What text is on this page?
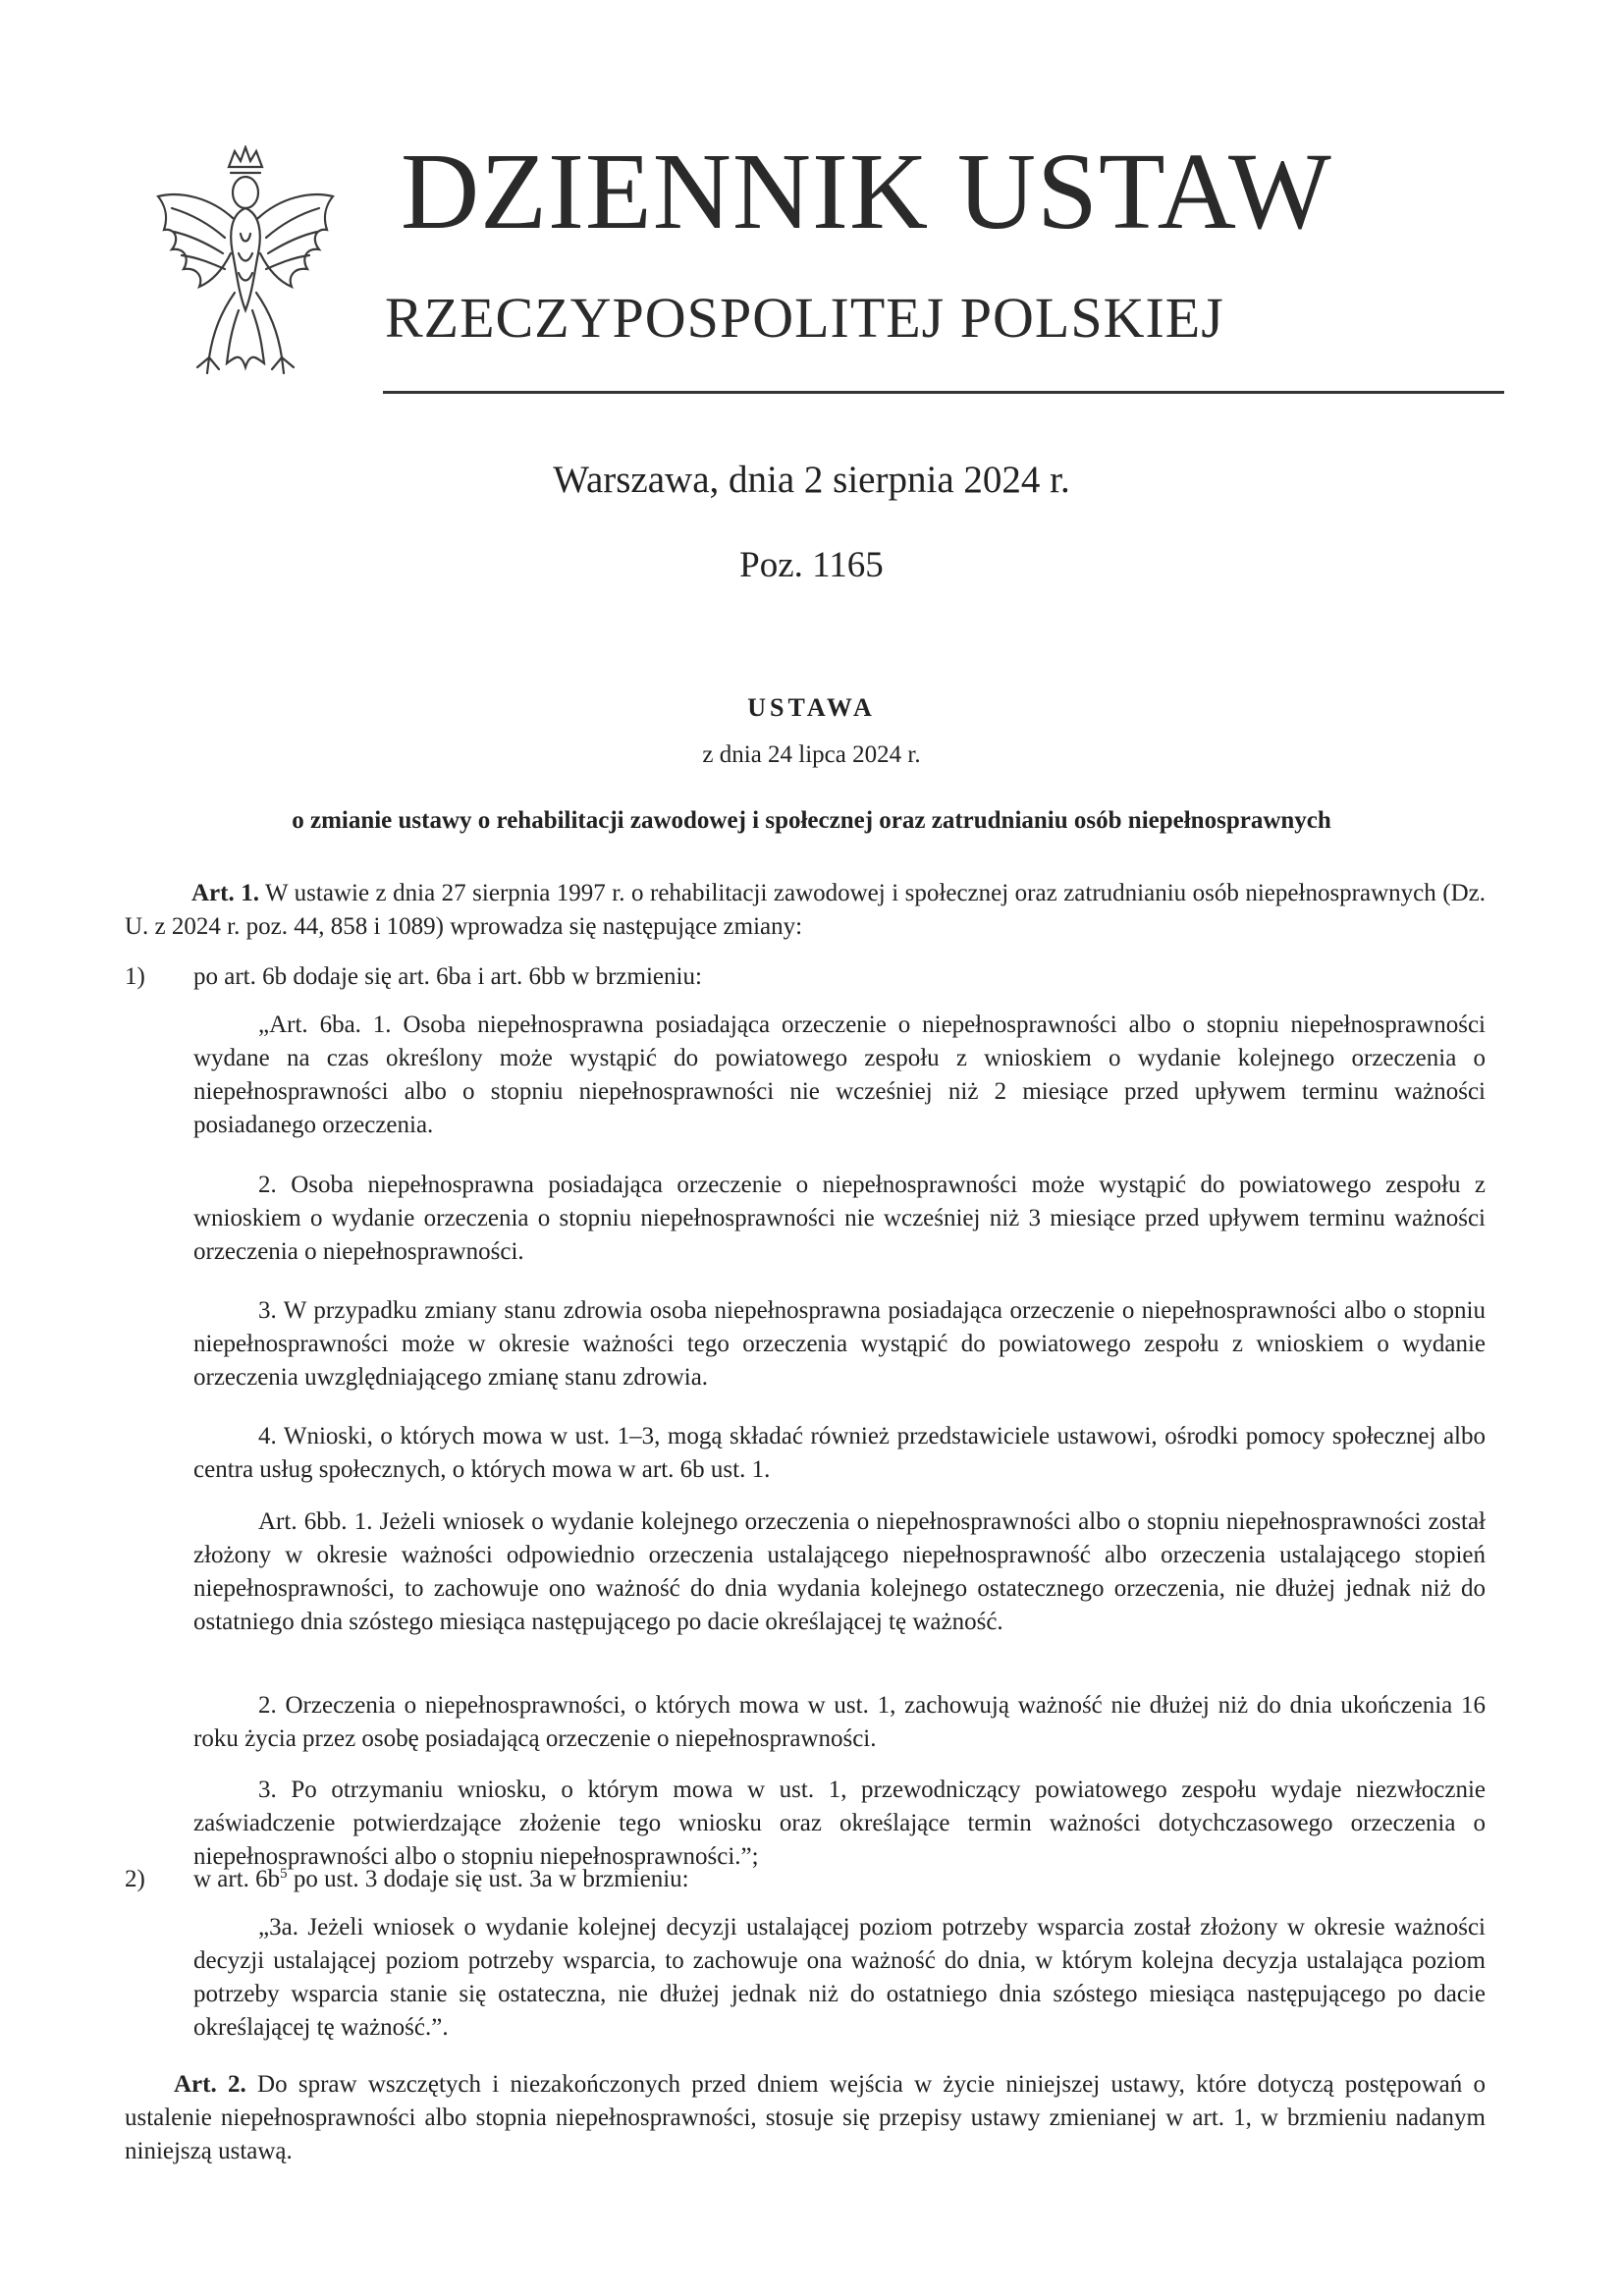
DZIENNIK USTAW
RZECZYPOSPOLITEJ POLSKIEJ
Warszawa, dnia 2 sierpnia 2024 r.
Poz. 1165
USTAWA
z dnia 24 lipca 2024 r.
o zmianie ustawy o rehabilitacji zawodowej i społecznej oraz zatrudnianiu osób niepełnosprawnych
Art. 1. W ustawie z dnia 27 sierpnia 1997 r. o rehabilitacji zawodowej i społecznej oraz zatrudnianiu osób niepełnosprawnych (Dz. U. z 2024 r. poz. 44, 858 i 1089) wprowadza się następujące zmiany:
1) po art. 6b dodaje się art. 6ba i art. 6bb w brzmieniu:
„Art. 6ba. 1. Osoba niepełnosprawna posiadająca orzeczenie o niepełnosprawności albo o stopniu niepełnosprawności wydane na czas określony może wystąpić do powiatowego zespołu z wnioskiem o wydanie kolejnego orzeczenia o niepełnosprawności albo o stopniu niepełnosprawności nie wcześniej niż 2 miesiące przed upływem terminu ważności posiadanego orzeczenia.
2. Osoba niepełnosprawna posiadająca orzeczenie o niepełnosprawności może wystąpić do powiatowego zespołu z wnioskiem o wydanie orzeczenia o stopniu niepełnosprawności nie wcześniej niż 3 miesiące przed upływem terminu ważności orzeczenia o niepełnosprawności.
3. W przypadku zmiany stanu zdrowia osoba niepełnosprawna posiadająca orzeczenie o niepełnosprawności albo o stopniu niepełnosprawności może w okresie ważności tego orzeczenia wystąpić do powiatowego zespołu z wnioskiem o wydanie orzeczenia uwzględniającego zmianę stanu zdrowia.
4. Wnioski, o których mowa w ust. 1–3, mogą składać również przedstawiciele ustawowi, ośrodki pomocy społecznej albo centra usług społecznych, o których mowa w art. 6b ust. 1.
Art. 6bb. 1. Jeżeli wniosek o wydanie kolejnego orzeczenia o niepełnosprawności albo o stopniu niepełnosprawności został złożony w okresie ważności odpowiednio orzeczenia ustalającego niepełnosprawność albo orzeczenia ustalającego stopień niepełnosprawności, to zachowuje ono ważność do dnia wydania kolejnego ostatecznego orzeczenia, nie dłużej jednak niż do ostatniego dnia szóstego miesiąca następującego po dacie określającej tę ważność.
2. Orzeczenia o niepełnosprawności, o których mowa w ust. 1, zachowują ważność nie dłużej niż do dnia ukończenia 16 roku życia przez osobę posiadającą orzeczenie o niepełnosprawności.
3. Po otrzymaniu wniosku, o którym mowa w ust. 1, przewodniczący powiatowego zespołu wydaje niezwłocznie zaświadczenie potwierdzające złożenie tego wniosku oraz określające termin ważności dotychczasowego orzeczenia o niepełnosprawności albo o stopniu niepełnosprawności.”;
2) w art. $6b^5$ po ust. 3 dodaje się ust. 3a w brzmieniu:
„3a. Jeżeli wniosek o wydanie kolejnej decyzji ustalającej poziom potrzeby wsparcia został złożony w okresie ważności decyzji ustalającej poziom potrzeby wsparcia, to zachowuje ona ważność do dnia, w którym kolejna decyzja ustalająca poziom potrzeby wsparcia stanie się ostateczna, nie dłużej jednak niż do ostatniego dnia szóstego miesiąca następującego po dacie określającej tę ważność.”.
Art. 2. Do spraw wszczętych i niezakończonych przed dniem wejścia w życie niniejszej ustawy, które dotyczą postępowań o ustalenie niepełnosprawności albo stopnia niepełnosprawności, stosuje się przepisy ustawy zmienianej w art. 1, w brzmieniu nadanym niniejszą ustawą.
